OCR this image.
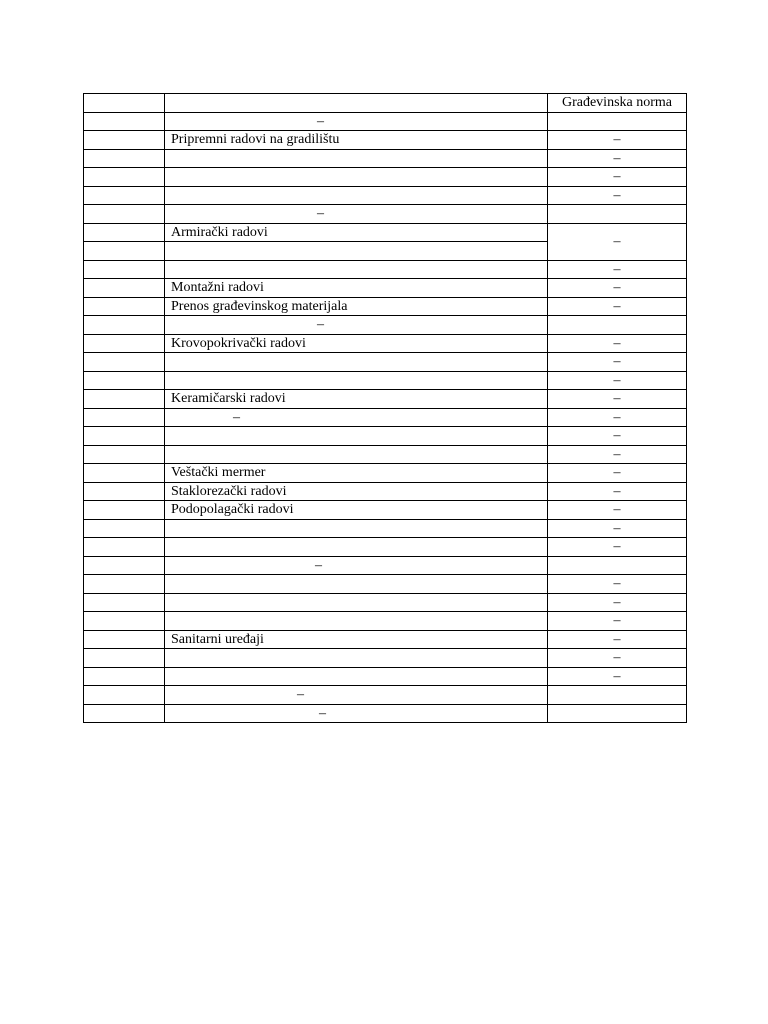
		Građevinska norma
	–	
	Pripremni radovi na gradilištu	–
		–
		–
		–
	–	
	Armirački radovi	–

		–
	Montažni radovi	–
	Prenos građevinskog materijala	–
	–	
	Krovopokrivački radovi	–
		–
		–
	Keramičarski radovi	–
	–	–
		–
		–
	Veštački mermer	–
	Staklorezački radovi	–
	Podopolagački radovi	–
		–
		–
	–	
		–
		–
		–
	Sanitarni uređaji	–
		–
		–
	–	
	–	
